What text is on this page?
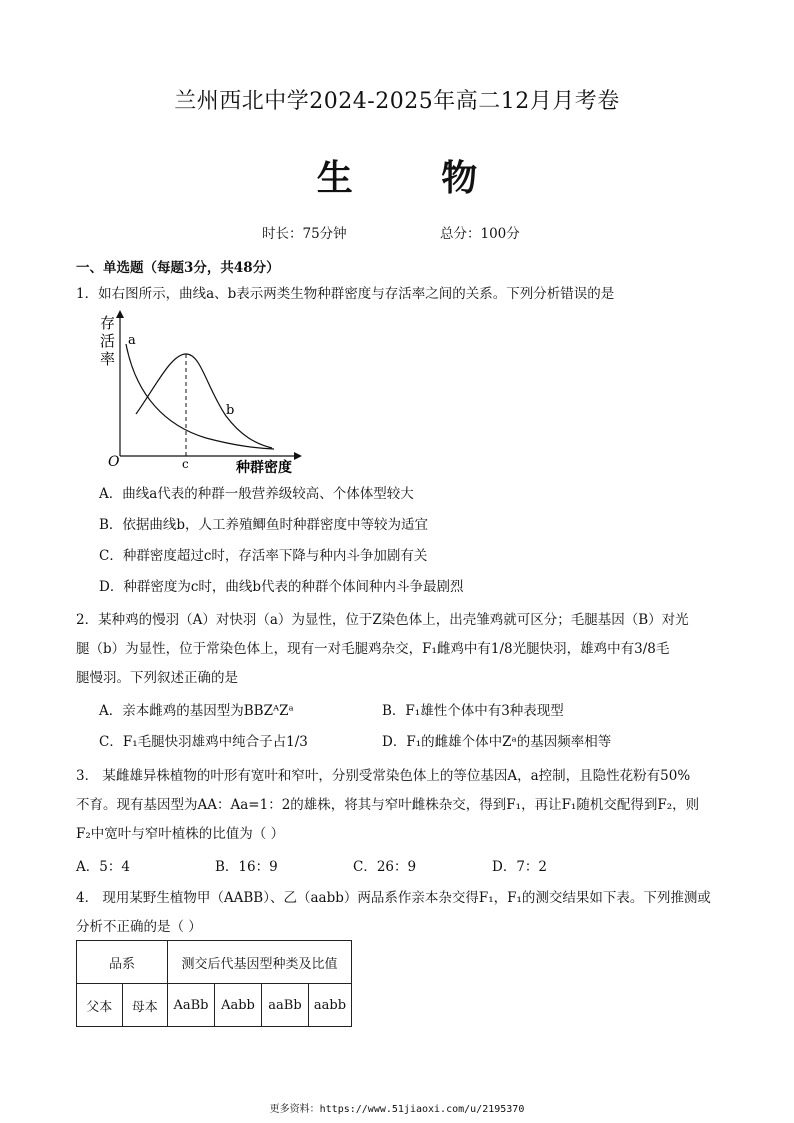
兰州西北中学2024-2025年高二12月月考卷
生 物
时长：75分钟	总分：100分
一、单选题（每题3分，共48分）
1．如右图所示，曲线a、b表示两类生物种群密度与存活率之间的关系。下列分析错误的是
存
活
率
a
b
c
O	种群密度
A．曲线a代表的种群一般营养级较高、个体体型较大
B．依据曲线b，人工养殖鲫鱼时种群密度中等较为适宜
C．种群密度超过c时，存活率下降与种内斗争加剧有关
D．种群密度为c时，曲线b代表的种群个体间种内斗争最剧烈
2．某种鸡的慢羽（A）对快羽（a）为显性，位于Z染色体上，出壳雏鸡就可区分；毛腿基因（B）对光
腿（b）为显性，位于常染色体上，现有一对毛腿鸡杂交，F₁雌鸡中有1/8光腿快羽，雄鸡中有3/8毛
腿慢羽。下列叙述正确的是
A．亲本雌鸡的基因型为BBZᴬZᵃ	B．F₁雄性个体中有3种表现型
C．F₁毛腿快羽雄鸡中纯合子占1/3	D．F₁的雌雄个体中Zᵃ的基因频率相等
3． 某雌雄异株植物的叶形有宽叶和窄叶，分别受常染色体上的等位基因A，a控制，且隐性花粉有50%
不育。现有基因型为AA：Aa=1：2的雄株，将其与窄叶雌株杂交，得到F₁，再让F₁随机交配得到F₂，则
F₂中宽叶与窄叶植株的比值为（ ）
A．5：4	B．16：9	C．26：9	D．7：2
4． 现用某野生植物甲（AABB）、乙（aabb）两品系作亲本杂交得F₁，F₁的测交结果如下表。下列推测或
分析不正确的是（ ）
品系		测交后代基因型种类及比值			
父本	母本	AaBb	Aabb	aaBb	aabb
更多资料：https://www.51jiaoxi.com/u/2195370
